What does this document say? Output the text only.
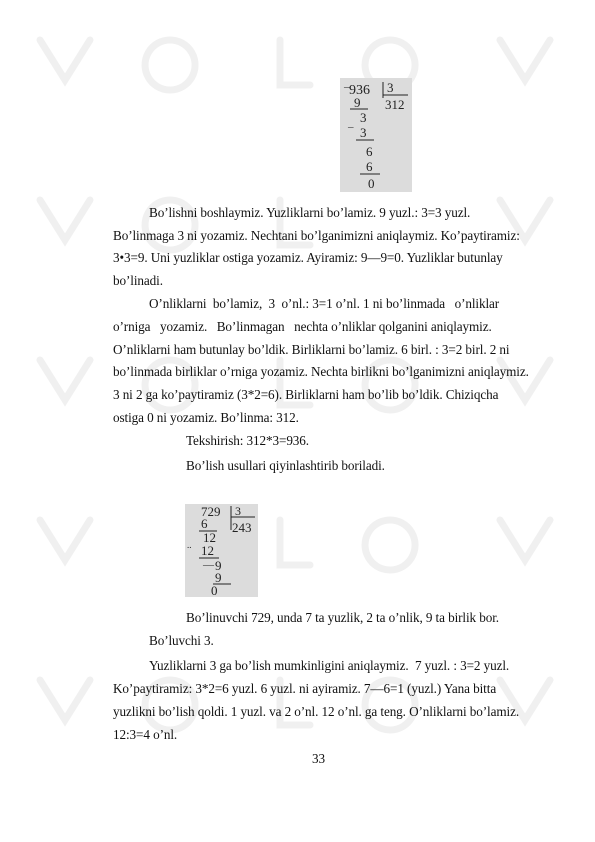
– 936 3
312
9
3
– 3
6
6
0
729 3
243
6
12
.. 12
— 9
9
0
Bo’lishni boshlaymiz. Yuzliklarni bo’lamiz. 9 yuzl.: 3=3 yuzl.
Bo’linmaga 3 ni yozamiz. Nechtani bo’lganimizni aniqlaymiz. Ko’paytiramiz:
3•3=9. Uni yuzliklar ostiga yozamiz. Ayiramiz: 9—9=0. Yuzliklar butunlay
bo’linadi.
O’nliklarni  bo’lamiz,  3  o’nl.: 3=1 o’nl. 1 ni bo’linmada   o’nliklar
o’rniga   yozamiz.   Bo’linmagan   nechta o’nliklar qolganini aniqlaymiz.
O’nliklarni ham butunlay bo’ldik. Birliklarni bo’lamiz. 6 birl. : 3=2 birl. 2 ni
bo’linmada birliklar o’rniga yozamiz. Nechta birlikni bo’lganimizni aniqlaymiz.
3 ni 2 ga ko’paytiramiz (3*2=6). Birliklarni ham bo’lib bo’ldik. Chiziqcha
ostiga 0 ni yozamiz. Bo’linma: 312.
Tekshirish: 312*3=936.
Bo’lish usullari qiyinlashtirib boriladi.
Bo’linuvchi 729, unda 7 ta yuzlik, 2 ta o’nlik, 9 ta birlik bor.
Bo’luvchi 3.
Yuzliklarni 3 ga bo’lish mumkinligini aniqlaymiz.  7 yuzl. : 3=2 yuzl.
Ko’paytiramiz: 3*2=6 yuzl. 6 yuzl. ni ayiramiz. 7—6=1 (yuzl.) Yana bitta
yuzlikni bo’lish qoldi. 1 yuzl. va 2 o’nl. 12 o’nl. ga teng. O’nliklarni bo’lamiz.
12:3=4 o’nl.
33
